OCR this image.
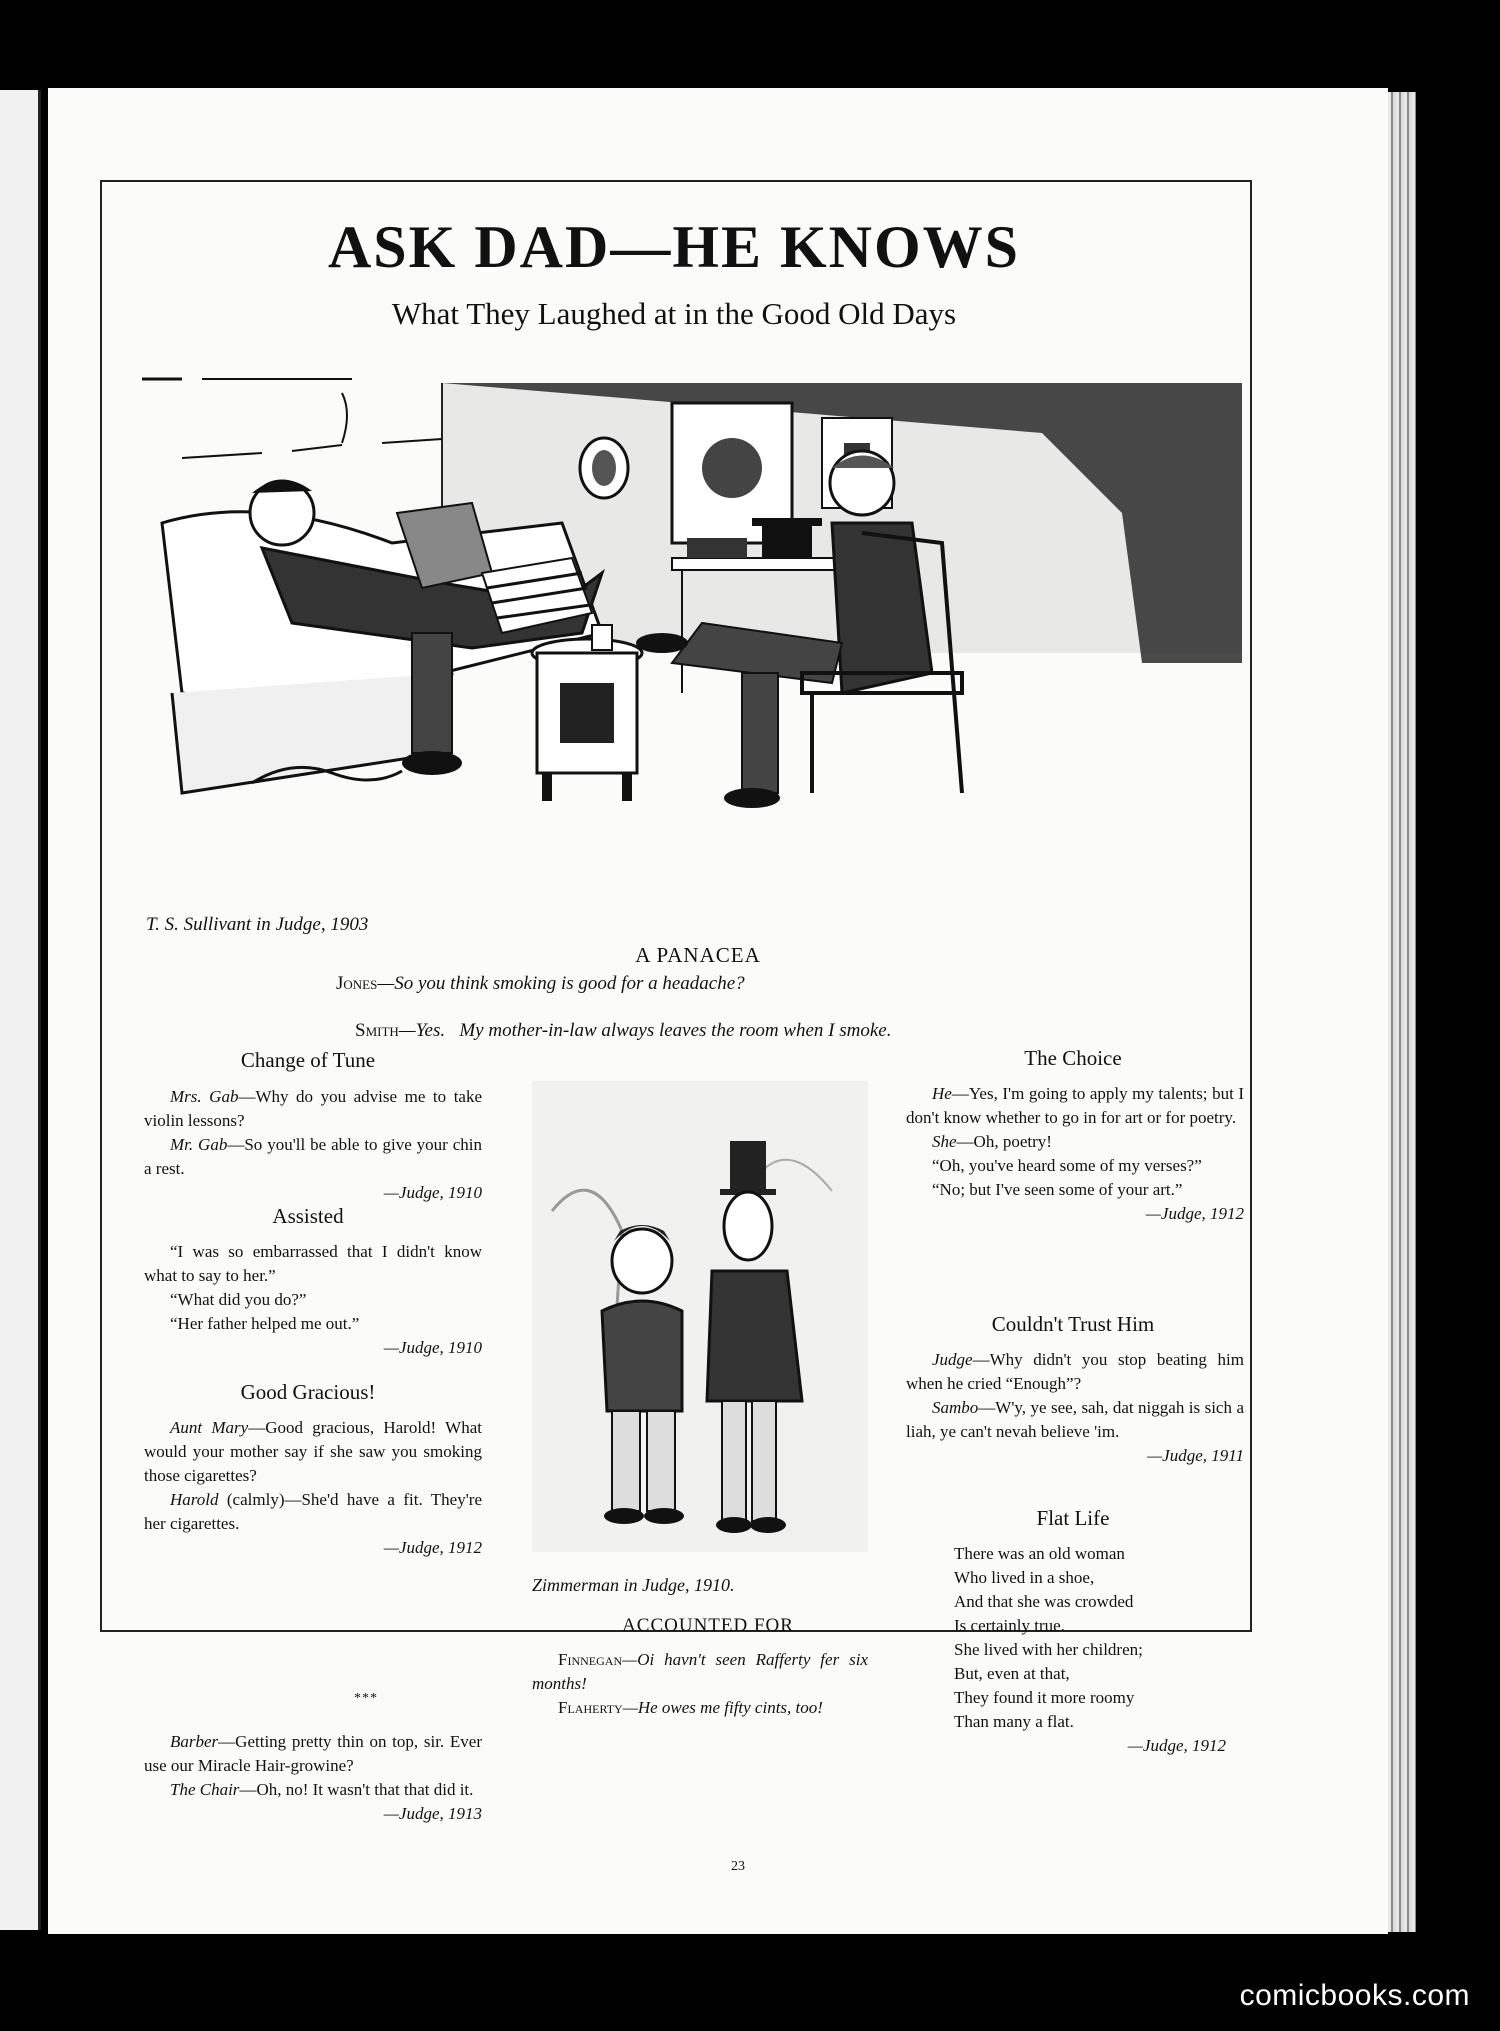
ASK DAD—HE KNOWS
What They Laughed at in the Good Old Days
T. S. Sullivant in Judge, 1903
A PANACEA
Jones—So you think smoking is good for a headache?

Smith—Yes.   My mother-in-law always leaves the room when I smoke.

Change of Tune

Mrs. Gab—Why do you advise me to take violin lessons?

Mr. Gab—So you'll be able to give your chin a rest.

—Judge, 1910
Assisted

“I was so embarrassed that I didn't know what to say to her.”

“What did you do?”

“Her father helped me out.”

—Judge, 1910
Good Gracious!

Aunt Mary—Good gracious, Harold! What would your mother say if she saw you smoking those cigarettes?

Harold (calmly)—She'd have a fit. They're her cigarettes.

—Judge, 1912
***

Barber—Getting pretty thin on top, sir. Ever use our Miracle Hair-growine?

The Chair—Oh, no! It wasn't that that did it.

—Judge, 1913
Zimmerman in Judge, 1910.
ACCOUNTED FOR

Finnegan—Oi havn't seen Rafferty fer six months!

Flaherty—He owes me fifty cints, too!

The Choice

He—Yes, I'm going to apply my talents; but I don't know whether to go in for art or for poetry.

She—Oh, poetry!

“Oh, you've heard some of my verses?”

“No; but I've seen some of your art.”

—Judge, 1912
Couldn't Trust Him

Judge—Why didn't you stop beating him when he cried “Enough”?

Sambo—W'y, ye see, sah, dat niggah is sich a liah, ye can't nevah believe 'im.

—Judge, 1911
Flat Life

There was an old woman

Who lived in a shoe,

And that she was crowded

Is certainly true.

She lived with her children;

But, even at that,

They found it more roomy

Than many a flat.

—Judge, 1912
23
comicbooks.com
